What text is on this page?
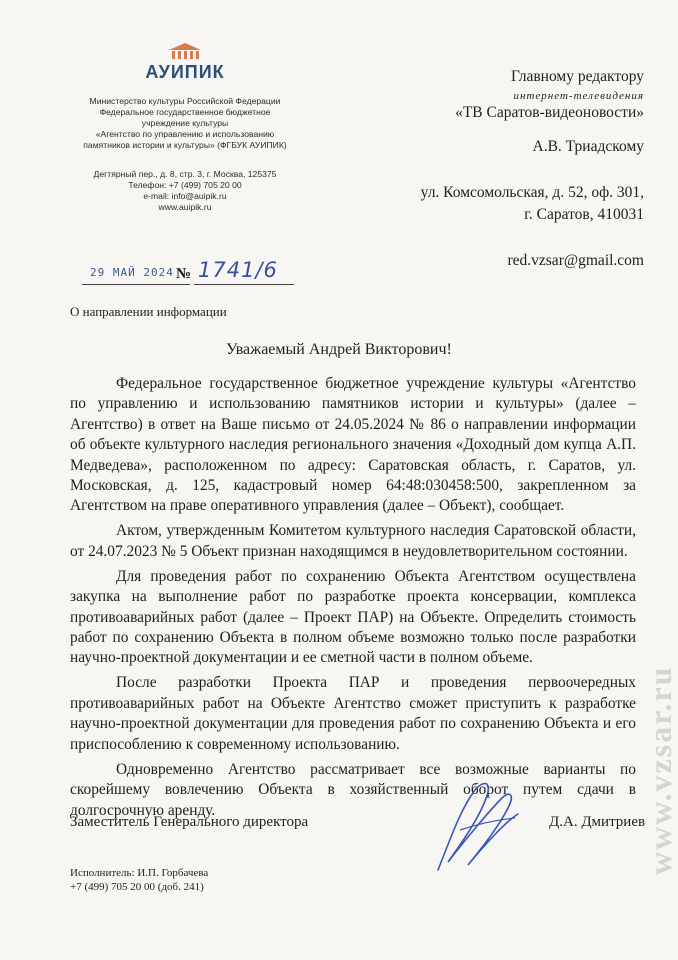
АУИПИК
Министерство культуры Российской Федерации
Федеральное государственное бюджетное
учреждение культуры
«Агентство по управлению и использованию
памятников истории и культуры» (ФГБУК АУИПИК)
Дегтярный пер., д. 8, стр. 3, г. Москва, 125375
Телефон: +7 (499) 705 20 00
e-mail: info@auipik.ru
www.auipik.ru
29 МАЙ 2024 № 1741/6
О направлении информации
Главному редактору
интернет-телевидения
«ТВ Саратов-видеоновости»
А.В. Триадскому
ул. Комсомольская, д. 52, оф. 301,
г. Саратов, 410031
red.vzsar@gmail.com
Уважаемый Андрей Викторович!

Федеральное государственное бюджетное учреждение культуры «Агентство по управлению и использованию памятников истории и культуры» (далее – Агентство) в ответ на Ваше письмо от 24.05.2024 № 86 о направлении информации об объекте культурного наследия регионального значения «Доходный дом купца А.П. Медведева», расположенном по адресу: Саратовская область, г. Саратов, ул. Московская, д. 125, кадастровый номер 64:48:030458:500, закрепленном за Агентством на праве оперативного управления (далее – Объект), сообщает.

Актом, утвержденным Комитетом культурного наследия Саратовской области, от 24.07.2023 № 5 Объект признан находящимся в неудовлетворительном состоянии.

Для проведения работ по сохранению Объекта Агентством осуществлена закупка на выполнение работ по разработке проекта консервации, комплекса противоаварийных работ (далее – Проект ПАР) на Объекте. Определить стоимость работ по сохранению Объекта в полном объеме возможно только после разработки научно-проектной документации и ее сметной части в полном объеме.

После разработки Проекта ПАР и проведения первоочередных противоаварийных работ на Объекте Агентство сможет приступить к разработке научно-проектной документации для проведения работ по сохранению Объекта и его приспособлению к современному использованию.

Одновременно Агентство рассматривает все возможные варианты по скорейшему вовлечению Объекта в хозяйственный оборот путем сдачи в долгосрочную аренду.

Заместитель Генерального директора	Д.А. Дмитриев
Исполнитель: И.П. Горбачева
+7 (499) 705 20 00 (доб. 241)
www.vzsar.ru
